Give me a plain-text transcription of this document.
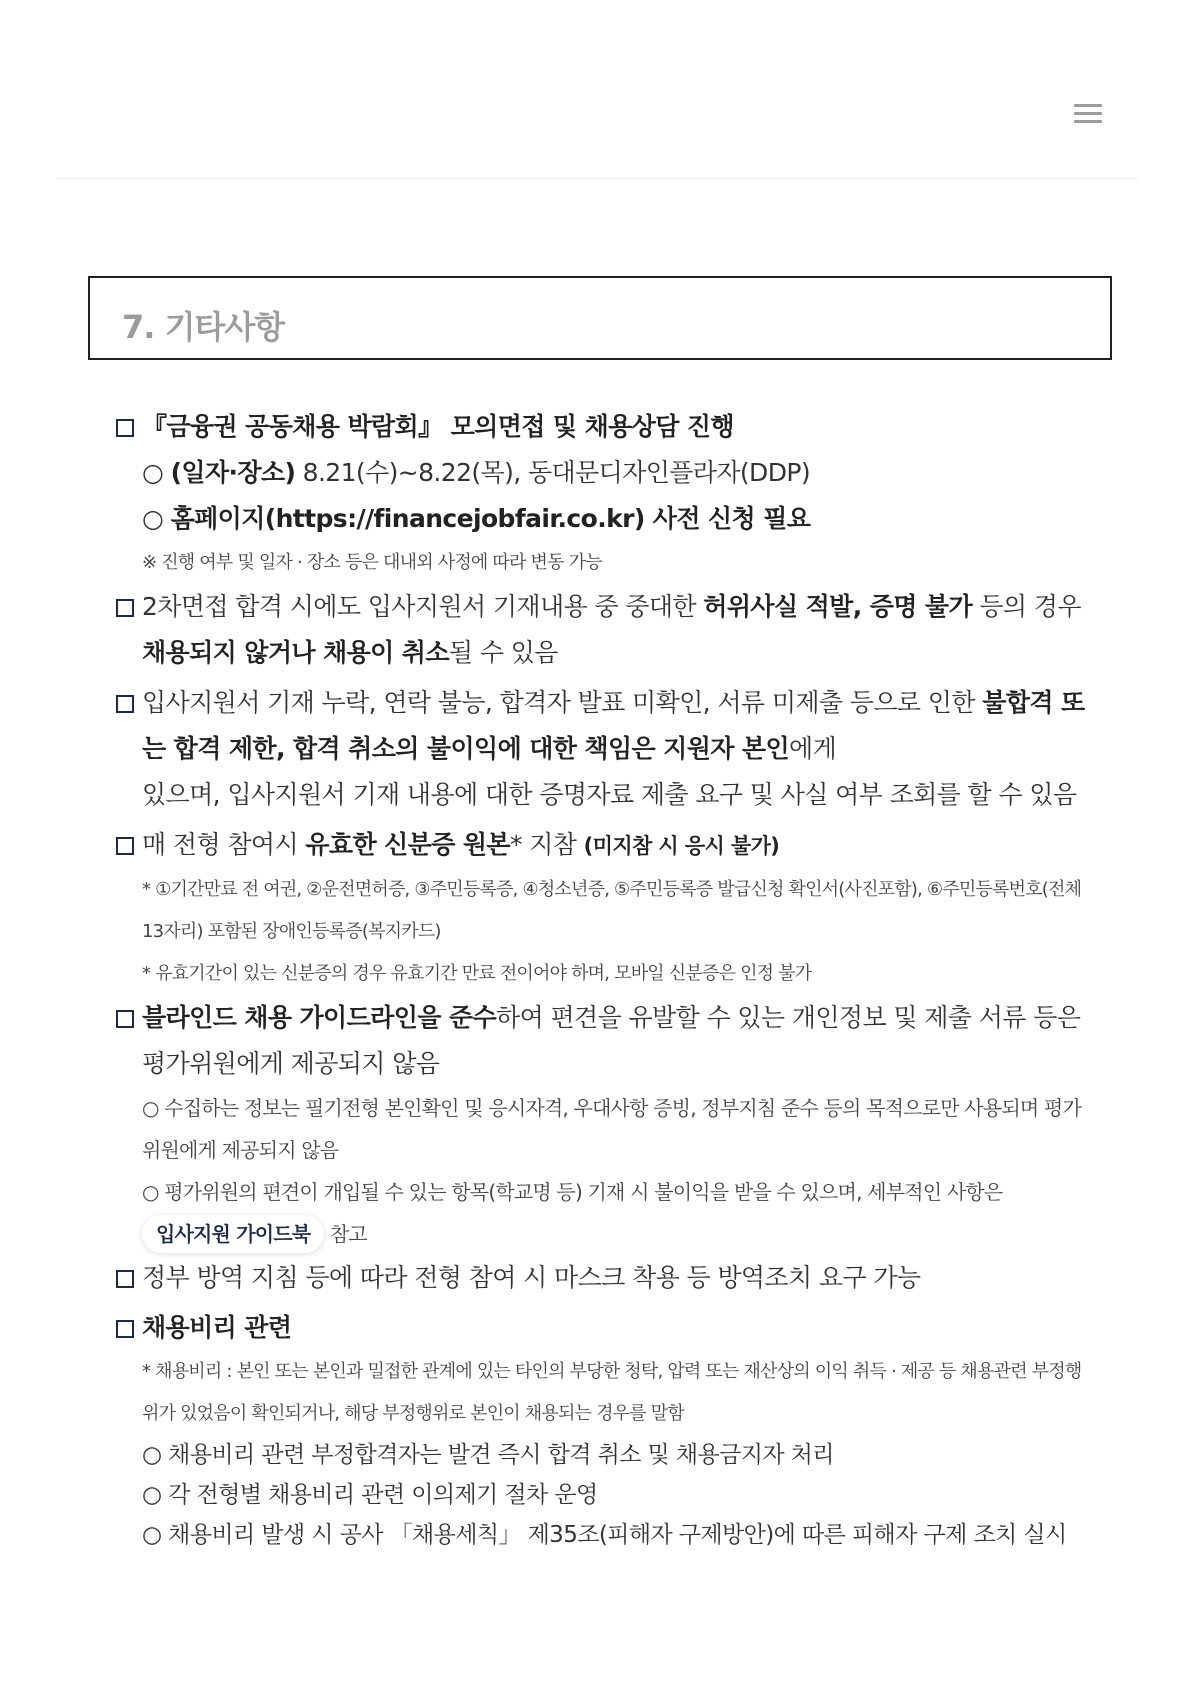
7. 기타사항
『금융권 공동채용 박람회』 모의면접 및 채용상담 진행
○ (일자·장소) 8.21(수)~8.22(목), 동대문디자인플라자(DDP)
○ 홈페이지(https://financejobfair.co.kr) 사전 신청 필요
※ 진행 여부 및 일자 · 장소 등은 대내외 사정에 따라 변동 가능
2차면접 합격 시에도 입사지원서 기재내용 중 중대한 허위사실 적발, 증명 불가 등의 경우 채용되지 않거나 채용이 취소될 수 있음
입사지원서 기재 누락, 연락 불능, 합격자 발표 미확인, 서류 미제출 등으로 인한 불합격 또는 합격 제한, 합격 취소의 불이익에 대한 책임은 지원자 본인에게
있으며, 입사지원서 기재 내용에 대한 증명자료 제출 요구 및 사실 여부 조회를 할 수 있음
매 전형 참여시 유효한 신분증 원본* 지참 (미지참 시 응시 불가)
* ①기간만료 전 여권, ②운전면허증, ③주민등록증, ④청소년증, ⑤주민등록증 발급신청 확인서(사진포함), ⑥주민등록번호(전체 13자리) 포함된 장애인등록증(복지카드)
* 유효기간이 있는 신분증의 경우 유효기간 만료 전이어야 하며, 모바일 신분증은 인정 불가
블라인드 채용 가이드라인을 준수하여 편견을 유발할 수 있는 개인정보 및 제출 서류 등은 평가위원에게 제공되지 않음
○ 수집하는 정보는 필기전형 본인확인 및 응시자격, 우대사항 증빙, 정부지침 준수 등의 목적으로만 사용되며 평가위원에게 제공되지 않음
○ 평가위원의 편견이 개입될 수 있는 항목(학교명 등) 기재 시 불이익을 받을 수 있으며, 세부적인 사항은 입사지원 가이드북 참고
정부 방역 지침 등에 따라 전형 참여 시 마스크 착용 등 방역조치 요구 가능
채용비리 관련
* 채용비리 : 본인 또는 본인과 밀접한 관계에 있는 타인의 부당한 청탁, 압력 또는 재산상의 이익 취득 · 제공 등 채용관련 부정행위가 있었음이 확인되거나, 해당 부정행위로 본인이 채용되는 경우를 말함
○ 채용비리 관련 부정합격자는 발견 즉시 합격 취소 및 채용금지자 처리
○ 각 전형별 채용비리 관련 이의제기 절차 운영
○ 채용비리 발생 시 공사 「채용세칙」 제35조(피해자 구제방안)에 따른 피해자 구제 조치 실시
